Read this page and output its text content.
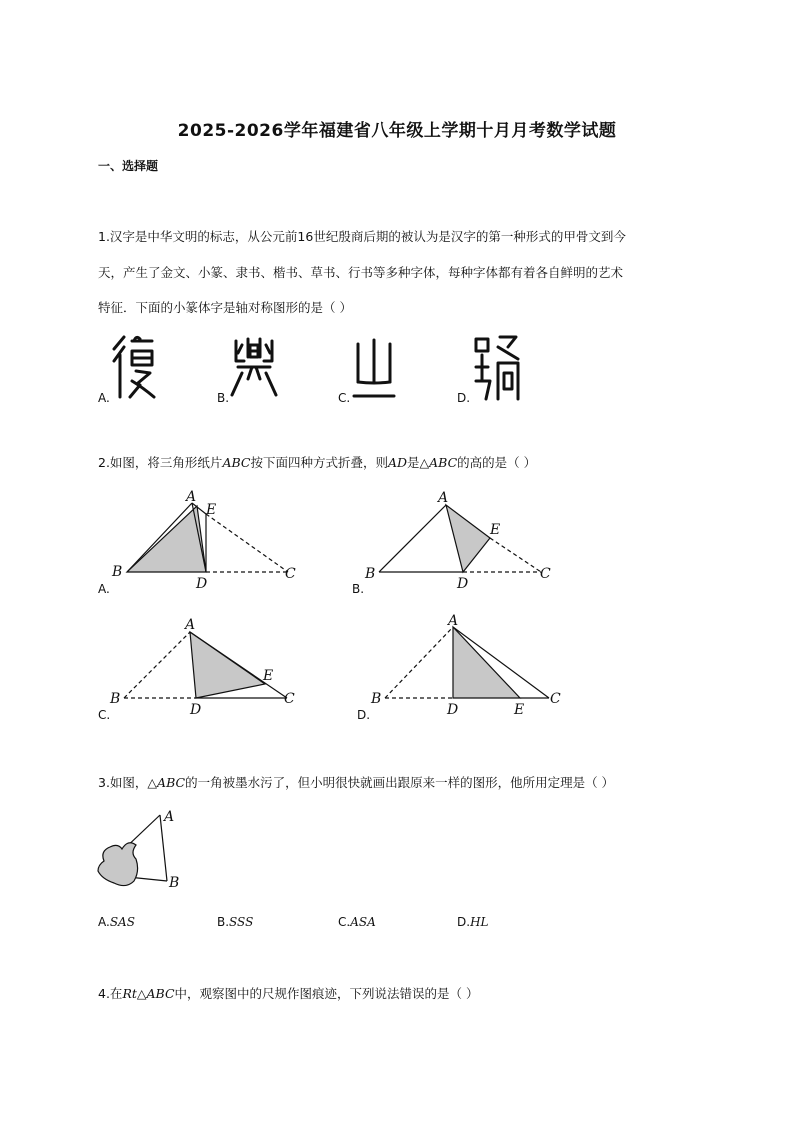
2025-2026学年福建省八年级上学期十月月考数学试题
一、选择题
1.汉字是中华文明的标志，从公元前16世纪殷商后期的被认为是汉字的第一种形式的甲骨文到今
天，产生了金文、小篆、隶书、楷书、草书、行书等多种字体，每种字体都有着各自鲜明的艺术
特征．下面的小篆体字是轴对称图形的是（ ）
A.	B.	C.	D.
2.如图，将三角形纸片ABC按下面四种方式折叠，则AD是△ABC的高的是（ ）
A
E
B
D
C
A
E
B
D
C
A
E
B
D
C
A
B
D	E
C
A.	B.
C.	D.
3.如图，△ABC的一角被墨水污了，但小明很快就画出跟原来一样的图形，他所用定理是（ ）
A
B
A.SAS	B.SSS	C.ASA	D.HL
4.在Rt△ABC中，观察图中的尺规作图痕迹，下列说法错误的是（ ）
